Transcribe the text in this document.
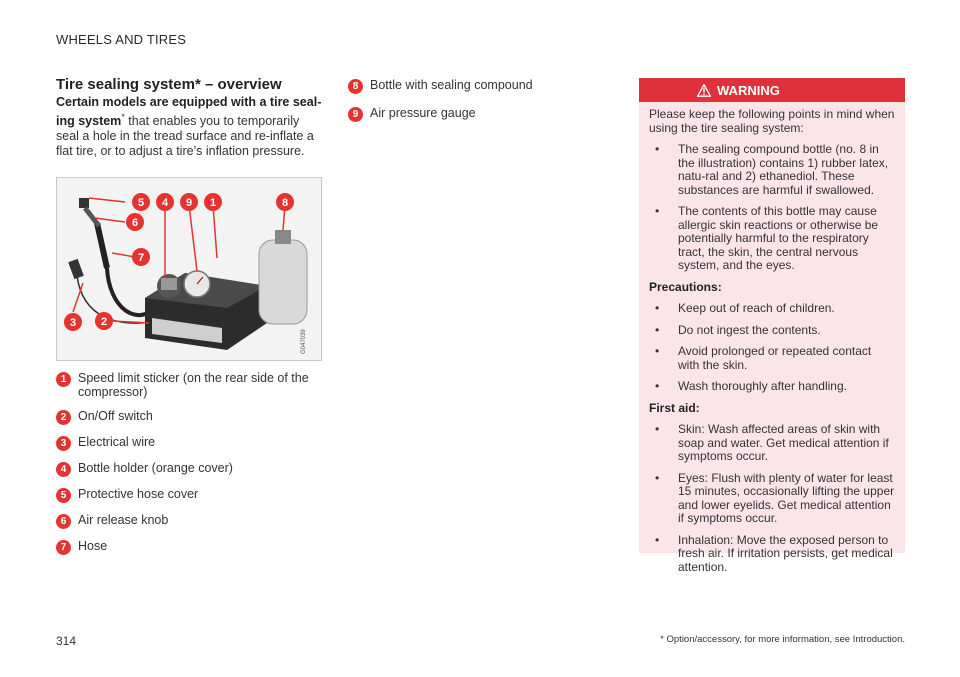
WHEELS AND TIRES
Tire sealing system* – overview
Certain models are equipped with a tire seal-ing system* that enables you to temporarily seal a hole in the tread surface and re-inflate a flat tire, or to adjust a tire’s inflation pressure.
G047039
5 4 9 1	8
6
7
3 2
1 Speed limit sticker (on the rear side of the compressor)
2 On/Off switch
3 Electrical wire
4 Bottle holder (orange cover)
5 Protective hose cover
6 Air release knob
7 Hose
8 Bottle with sealing compound
9 Air pressure gauge
WARNING

Please keep the following points in mind when using the tire sealing system:

•	The sealing compound bottle (no. 8 in the illustration) contains 1) rubber latex, natu-ral and 2) ethanediol. These substances are harmful if swallowed.
•	The contents of this bottle may cause allergic skin reactions or otherwise be potentially harmful to the respiratory tract, the skin, the central nervous system, and the eyes.
Precautions:
•	Keep out of reach of children.
•	Do not ingest the contents.
•	Avoid prolonged or repeated contact with the skin.
•	Wash thoroughly after handling.
First aid:
•	Skin: Wash affected areas of skin with soap and water. Get medical attention if symptoms occur.
•	Eyes: Flush with plenty of water for least 15 minutes, occasionally lifting the upper and lower eyelids. Get medical attention if symptoms occur.
•	Inhalation: Move the exposed person to fresh air. If irritation persists, get medical attention.
314	* Option/accessory, for more information, see Introduction.
